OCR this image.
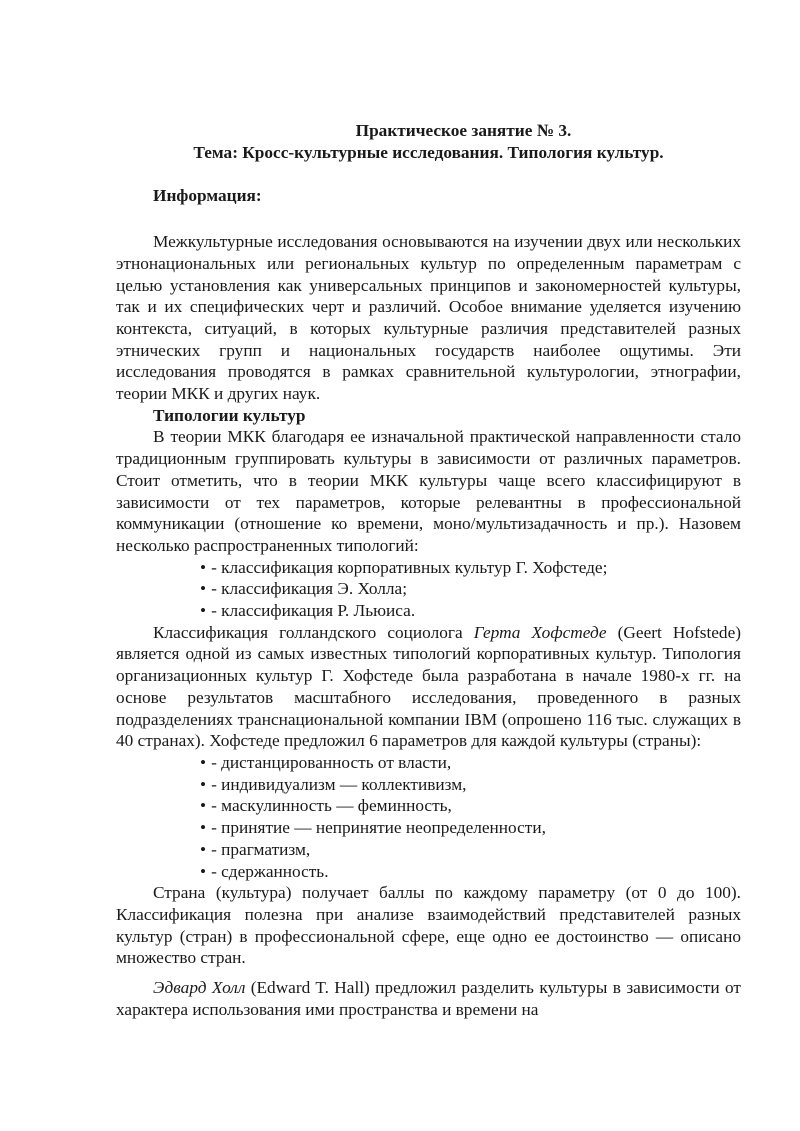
Практическое занятие № 3.

Тема: Кросс-культурные исследования. Типология культур.

Информация:

Межкультурные исследования основываются на изучении двух или нескольких этнонациональных или региональных культур по определенным параметрам с целью установления как универсальных принципов и закономерностей культуры, так и их специфических черт и различий. Особое внимание уделяется изучению контекста, ситуаций, в которых культурные различия представителей разных этнических групп и национальных государств наиболее ощутимы. Эти исследования проводятся в рамках сравнительной культурологии, этнографии, теории МКК и других наук.

Типологии культур

В теории МКК благодаря ее изначальной практической направленности стало традиционным группировать культуры в зависимости от различных параметров. Стоит отметить, что в теории МКК культуры чаще всего классифицируют в зависимости от тех параметров, которые релевантны в профессиональной коммуникации (отношение ко времени, моно/мультизадачность и пр.). Назовем несколько распространенных типологий:

• - классификация корпоративных культур Г. Хофстеде;
• - классификация Э. Холла;
• - классификация Р. Льюиса.

Классификация голландского социолога Герта Хофстеде (Geert Hofstede) является одной из самых известных типологий корпоративных культур. Типология организационных культур Г. Хофстеде была разработана в начале 1980-х гг. на основе результатов масштабного исследования, проведенного в разных подразделениях транснациональной компании IBM (опрошено 116 тыс. служащих в 40 странах). Хофстеде предложил 6 параметров для каждой культуры (страны):

• - дистанцированность от власти,
• - индивидуализм — коллективизм,
• - маскулинность — феминность,
• - принятие — непринятие неопределенности,
• - прагматизм,
• - сдержанность.

Страна (культура) получает баллы по каждому параметру (от 0 до 100). Классификация полезна при анализе взаимодействий представителей разных культур (стран) в профессиональной сфере, еще одно ее достоинство — описано множество стран.

Эдвард Холл (Edward T. Hall) предложил разделить культуры в зависимости от характера использования ими пространства и времени на
